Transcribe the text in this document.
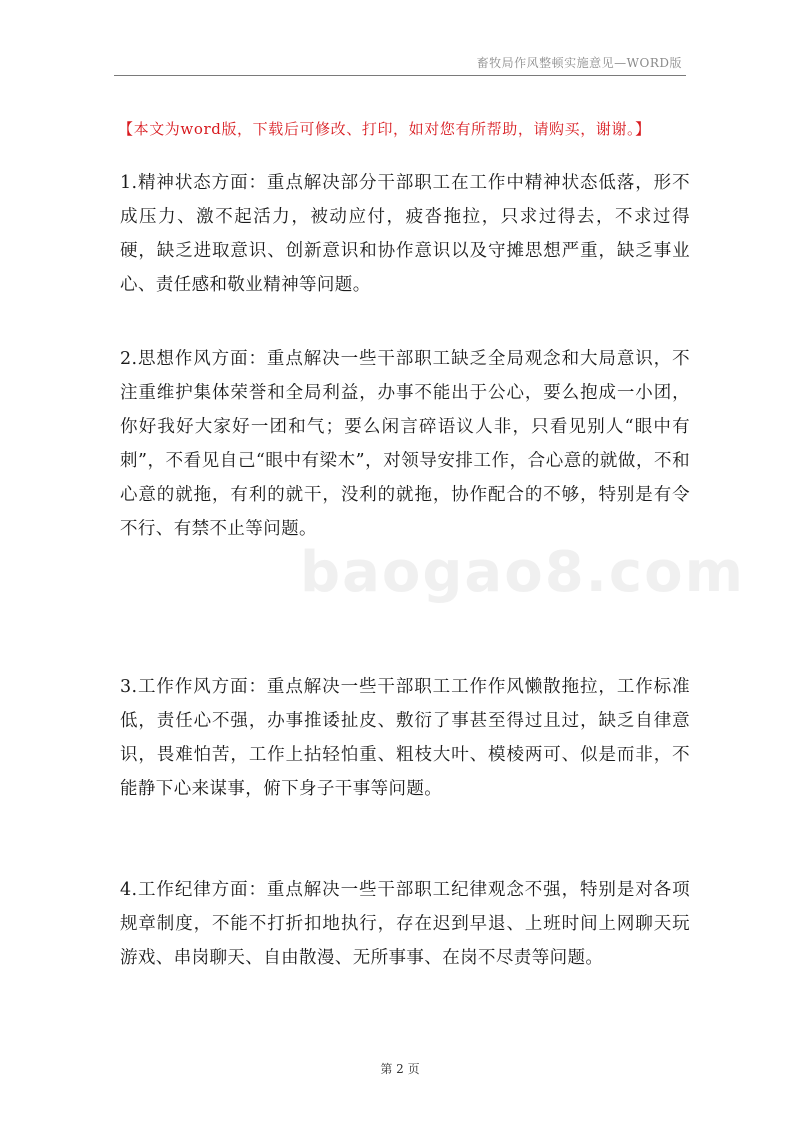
畜牧局作风整顿实施意见—WORD版
【本文为word版，下载后可修改、打印，如对您有所帮助，请购买，谢谢。】

1.精神状态方面：重点解决部分干部职工在工作中精神状态低落，形不成压力、激不起活力，被动应付，疲沓拖拉，只求过得去，不求过得硬，缺乏进取意识、创新意识和协作意识以及守摊思想严重，缺乏事业心、责任感和敬业精神等问题。

2.思想作风方面：重点解决一些干部职工缺乏全局观念和大局意识，不注重维护集体荣誉和全局利益，办事不能出于公心，要么抱成一小团，你好我好大家好一团和气；要么闲言碎语议人非，只看见别人“眼中有刺”，不看见自己“眼中有梁木”，对领导安排工作，合心意的就做，不和心意的就拖，有利的就干，没利的就拖，协作配合的不够，特别是有令不行、有禁不止等问题。

3.工作作风方面：重点解决一些干部职工工作作风懒散拖拉，工作标准低，责任心不强，办事推诿扯皮、敷衍了事甚至得过且过，缺乏自律意识，畏难怕苦，工作上拈轻怕重、粗枝大叶、模棱两可、似是而非，不能静下心来谋事，俯下身子干事等问题。

4.工作纪律方面：重点解决一些干部职工纪律观念不强，特别是对各项规章制度，不能不打折扣地执行，存在迟到早退、上班时间上网聊天玩游戏、串岗聊天、自由散漫、无所事事、在岗不尽责等问题。

baogao8.com
第 2 页
